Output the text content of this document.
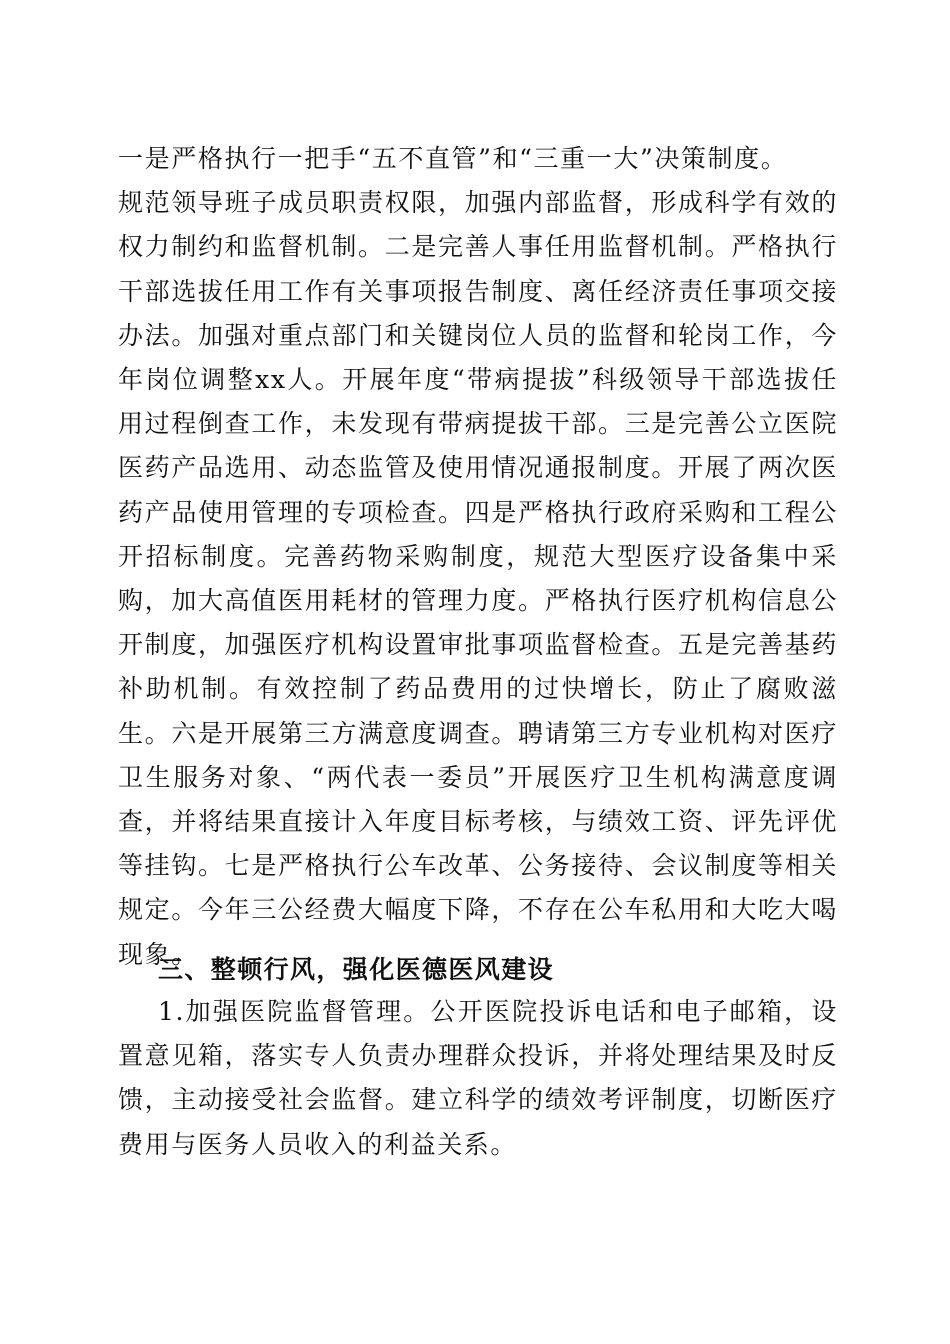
一是严格执行一把手“五不直管”和“三重一大”决策制度。
规范领导班子成员职责权限，加强内部监督，形成科学有效的权力制约和监督机制。二是完善人事任用监督机制。严格执行干部选拔任用工作有关事项报告制度、离任经济责任事项交接办法。加强对重点部门和关键岗位人员的监督和轮岗工作，今年岗位调整xx人。开展年度“带病提拔”科级领导干部选拔任用过程倒查工作，未发现有带病提拔干部。三是完善公立医院医药产品选用、动态监管及使用情况通报制度。开展了两次医药产品使用管理的专项检查。四是严格执行政府采购和工程公开招标制度。完善药物采购制度，规范大型医疗设备集中采购，加大高值医用耗材的管理力度。严格执行医疗机构信息公开制度，加强医疗机构设置审批事项监督检查。五是完善基药补助机制。有效控制了药品费用的过快增长，防止了腐败滋生。六是开展第三方满意度调查。聘请第三方专业机构对医疗卫生服务对象、“两代表一委员”开展医疗卫生机构满意度调查，并将结果直接计入年度目标考核，与绩效工资、评先评优等挂钩。七是严格执行公车改革、公务接待、会议制度等相关规定。今年三公经费大幅度下降，不存在公车私用和大吃大喝现象。

三、整顿行风，强化医德医风建设

1.加强医院监督管理。公开医院投诉电话和电子邮箱，设置意见箱，落实专人负责办理群众投诉，并将处理结果及时反馈，主动接受社会监督。建立科学的绩效考评制度，切断医疗费用与医务人员收入的利益关系。
